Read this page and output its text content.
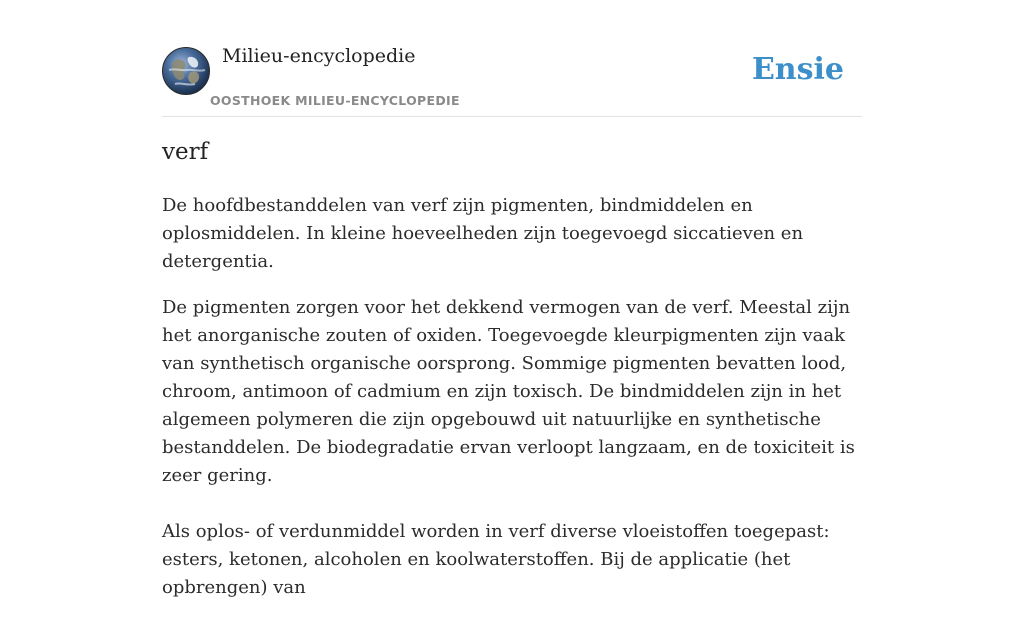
Milieu-encyclopedie
OOSTHOEK MILIEU-ENCYCLOPEDIE
Ensie
verf

De hoofdbestanddelen van verf zijn pigmenten, bindmiddelen en oplosmiddelen. In kleine hoeveelheden zijn toegevoegd siccatieven en detergentia.

De pigmenten zorgen voor het dekkend vermogen van de verf. Meestal zijn het anorganische zouten of oxiden. Toegevoegde kleurpigmenten zijn vaak van synthetisch organische oorsprong. Sommige pigmenten bevatten lood, chroom, antimoon of cadmium en zijn toxisch. De bindmiddelen zijn in het algemeen polymeren die zijn opgebouwd uit natuurlijke en synthetische bestanddelen. De biodegradatie ervan verloopt langzaam, en de toxiciteit is zeer gering.

Als oplos- of verdunmiddel worden in verf diverse vloeistoffen toegepast: esters, ketonen, alcoholen en koolwaterstoffen. Bij de applicatie (het opbrengen) van
